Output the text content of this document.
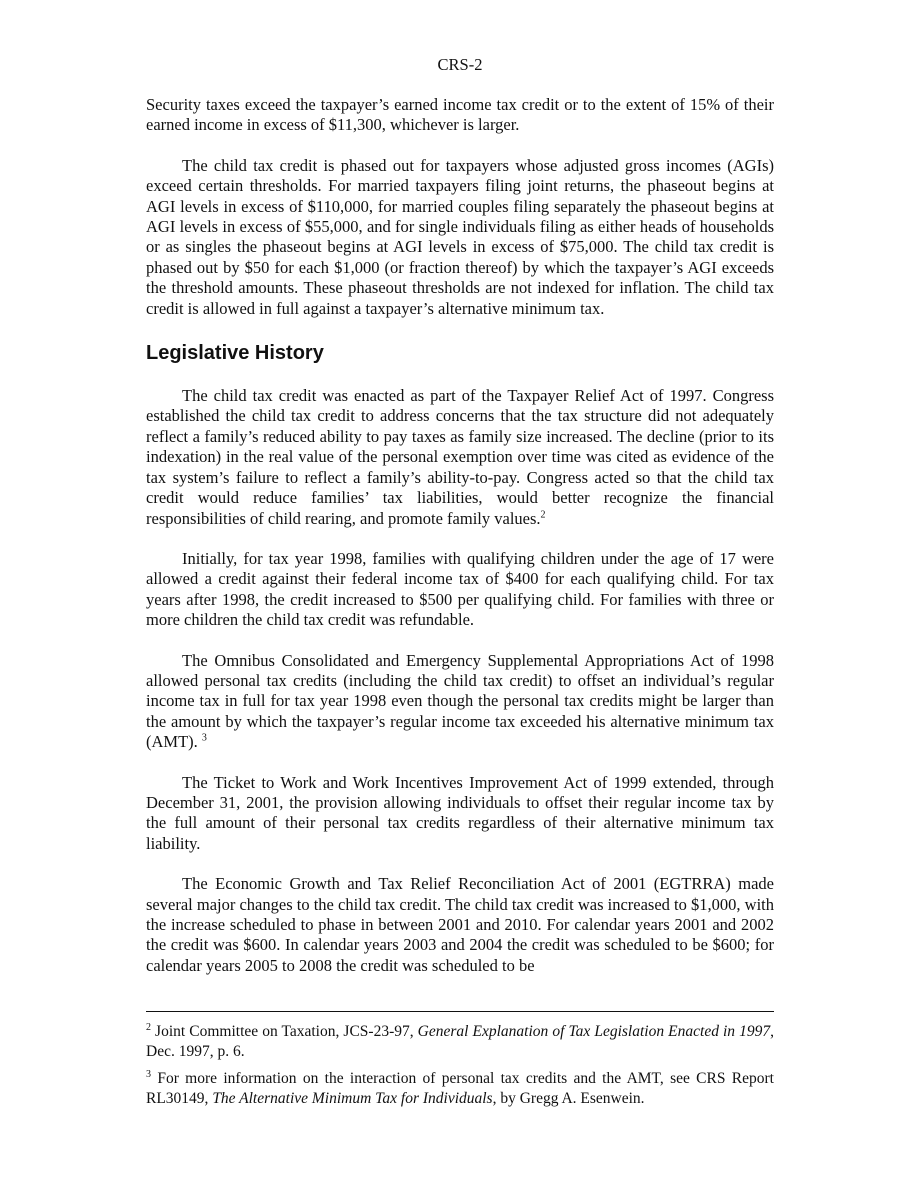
CRS-2

Security taxes exceed the taxpayer’s earned income tax credit or to the extent of 15% of their earned income in excess of $11,300, whichever is larger.

The child tax credit is phased out for taxpayers whose adjusted gross incomes (AGIs) exceed certain thresholds. For married taxpayers filing joint returns, the phaseout begins at AGI levels in excess of $110,000, for married couples filing separately the phaseout begins at AGI levels in excess of $55,000, and for single individuals filing as either heads of households or as singles the phaseout begins at AGI levels in excess of $75,000. The child tax credit is phased out by $50 for each $1,000 (or fraction thereof) by which the taxpayer’s AGI exceeds the threshold amounts. These phaseout thresholds are not indexed for inflation. The child tax credit is allowed in full against a taxpayer’s alternative minimum tax.

Legislative History

The child tax credit was enacted as part of the Taxpayer Relief Act of 1997. Congress established the child tax credit to address concerns that the tax structure did not adequately reflect a family’s reduced ability to pay taxes as family size increased. The decline (prior to its indexation) in the real value of the personal exemption over time was cited as evidence of the tax system’s failure to reflect a family’s ability-to-pay. Congress acted so that the child tax credit would reduce families’ tax liabilities, would better recognize the financial responsibilities of child rearing, and promote family values.$^2$

Initially, for tax year 1998, families with qualifying children under the age of 17 were allowed a credit against their federal income tax of $400 for each qualifying child. For tax years after 1998, the credit increased to $500 per qualifying child. For families with three or more children the child tax credit was refundable.

The Omnibus Consolidated and Emergency Supplemental Appropriations Act of 1998 allowed personal tax credits (including the child tax credit) to offset an individual’s regular income tax in full for tax year 1998 even though the personal tax credits might be larger than the amount by which the taxpayer’s regular income tax exceeded his alternative minimum tax (AMT). $^3$

The Ticket to Work and Work Incentives Improvement Act of 1999 extended, through December 31, 2001, the provision allowing individuals to offset their regular income tax by the full amount of their personal tax credits regardless of their alternative minimum tax liability.

The Economic Growth and Tax Relief Reconciliation Act of 2001 (EGTRRA) made several major changes to the child tax credit. The child tax credit was increased to $1,000, with the increase scheduled to phase in between 2001 and 2010. For calendar years 2001 and 2002 the credit was $600. In calendar years 2003 and 2004 the credit was scheduled to be $600; for calendar years 2005 to 2008 the credit was scheduled to be

$^2$ Joint Committee on Taxation, JCS-23-97, General Explanation of Tax Legislation Enacted in 1997, Dec. 1997, p. 6.

$^3$ For more information on the interaction of personal tax credits and the AMT, see CRS Report RL30149, The Alternative Minimum Tax for Individuals, by Gregg A. Esenwein.
